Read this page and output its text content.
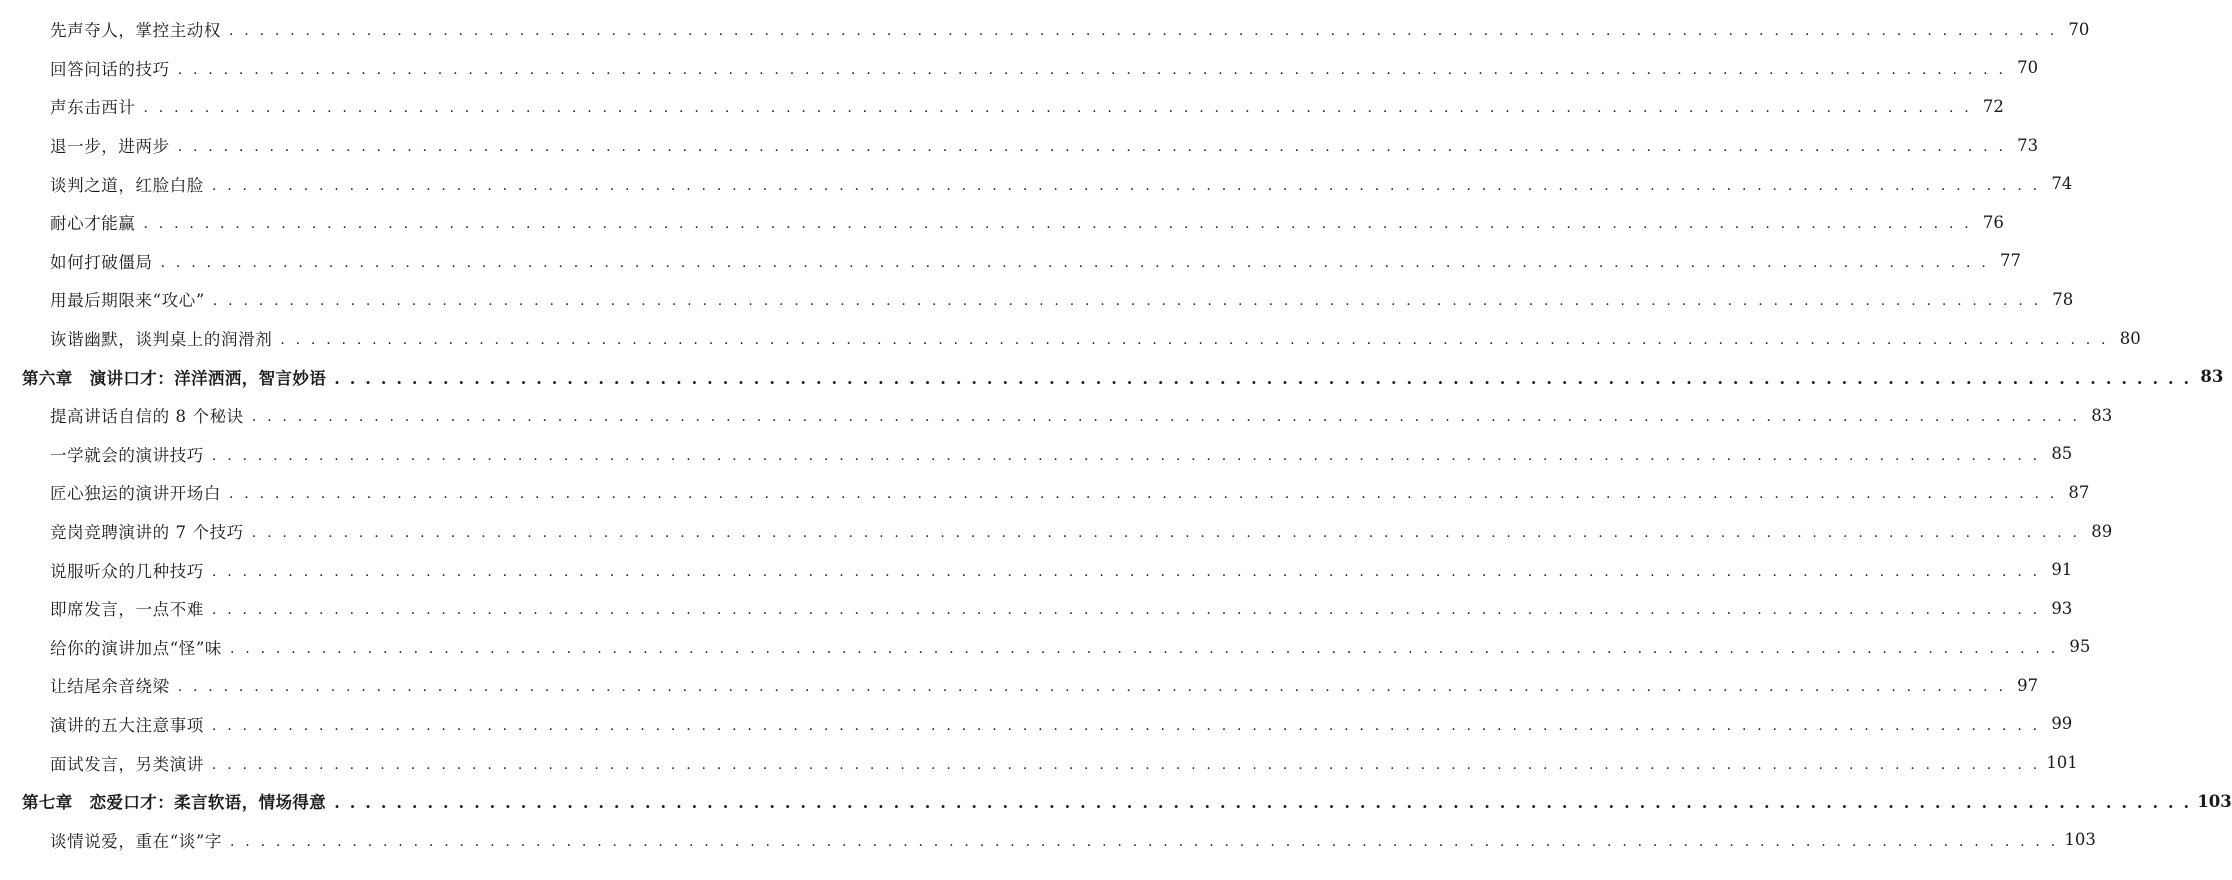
先声夺人，掌控主动权 . . . . . . . . . . . . . . . . . . . . . . . . . . . . . . . . . . . . . . . . . . . . . . . . . . . . . . . . . . . . . . . . . . . . . . . . . . . . . . . . . . . . . . . . . . . . . . . . . . . . . . . . . . . . . . . . . . . . . . . . 70
回答问话的技巧 . . . . . . . . . . . . . . . . . . . . . . . . . . . . . . . . . . . . . . . . . . . . . . . . . . . . . . . . . . . . . . . . . . . . . . . . . . . . . . . . . . . . . . . . . . . . . . . . . . . . . . . . . . . . . . . . . . . . . . . . 70
声东击西计 . . . . . . . . . . . . . . . . . . . . . . . . . . . . . . . . . . . . . . . . . . . . . . . . . . . . . . . . . . . . . . . . . . . . . . . . . . . . . . . . . . . . . . . . . . . . . . . . . . . . . . . . . . . . . . . . . . . . . . . . 72
退一步，进两步 . . . . . . . . . . . . . . . . . . . . . . . . . . . . . . . . . . . . . . . . . . . . . . . . . . . . . . . . . . . . . . . . . . . . . . . . . . . . . . . . . . . . . . . . . . . . . . . . . . . . . . . . . . . . . . . . . . . . . . . . 73
谈判之道，红脸白脸 . . . . . . . . . . . . . . . . . . . . . . . . . . . . . . . . . . . . . . . . . . . . . . . . . . . . . . . . . . . . . . . . . . . . . . . . . . . . . . . . . . . . . . . . . . . . . . . . . . . . . . . . . . . . . . . . . . . . . . . . 74
耐心才能赢 . . . . . . . . . . . . . . . . . . . . . . . . . . . . . . . . . . . . . . . . . . . . . . . . . . . . . . . . . . . . . . . . . . . . . . . . . . . . . . . . . . . . . . . . . . . . . . . . . . . . . . . . . . . . . . . . . . . . . . . . 76
如何打破僵局 . . . . . . . . . . . . . . . . . . . . . . . . . . . . . . . . . . . . . . . . . . . . . . . . . . . . . . . . . . . . . . . . . . . . . . . . . . . . . . . . . . . . . . . . . . . . . . . . . . . . . . . . . . . . . . . . . . . . . . . . 77
用最后期限来“攻心” . . . . . . . . . . . . . . . . . . . . . . . . . . . . . . . . . . . . . . . . . . . . . . . . . . . . . . . . . . . . . . . . . . . . . . . . . . . . . . . . . . . . . . . . . . . . . . . . . . . . . . . . . . . . . . . . . . . . . . . . 78
诙谐幽默，谈判桌上的润滑剂 . . . . . . . . . . . . . . . . . . . . . . . . . . . . . . . . . . . . . . . . . . . . . . . . . . . . . . . . . . . . . . . . . . . . . . . . . . . . . . . . . . . . . . . . . . . . . . . . . . . . . . . . . . . . . . . . . . . . . . . . 80
第六章　演讲口才：洋洋洒洒，智言妙语 . . . . . . . . . . . . . . . . . . . . . . . . . . . . . . . . . . . . . . . . . . . . . . . . . . . . . . . . . . . . . . . . . . . . . . . . . . . . . . . . . . . . . . . . . . . . . . . . . . . . . . . . . . . . . . . . . . . . . . . . 83
提高讲话自信的 8 个秘诀 . . . . . . . . . . . . . . . . . . . . . . . . . . . . . . . . . . . . . . . . . . . . . . . . . . . . . . . . . . . . . . . . . . . . . . . . . . . . . . . . . . . . . . . . . . . . . . . . . . . . . . . . . . . . . . . . . . . . . . . . 83
一学就会的演讲技巧 . . . . . . . . . . . . . . . . . . . . . . . . . . . . . . . . . . . . . . . . . . . . . . . . . . . . . . . . . . . . . . . . . . . . . . . . . . . . . . . . . . . . . . . . . . . . . . . . . . . . . . . . . . . . . . . . . . . . . . . . 85
匠心独运的演讲开场白 . . . . . . . . . . . . . . . . . . . . . . . . . . . . . . . . . . . . . . . . . . . . . . . . . . . . . . . . . . . . . . . . . . . . . . . . . . . . . . . . . . . . . . . . . . . . . . . . . . . . . . . . . . . . . . . . . . . . . . . . 87
竞岗竞聘演讲的 7 个技巧 . . . . . . . . . . . . . . . . . . . . . . . . . . . . . . . . . . . . . . . . . . . . . . . . . . . . . . . . . . . . . . . . . . . . . . . . . . . . . . . . . . . . . . . . . . . . . . . . . . . . . . . . . . . . . . . . . . . . . . . . 89
说服听众的几种技巧 . . . . . . . . . . . . . . . . . . . . . . . . . . . . . . . . . . . . . . . . . . . . . . . . . . . . . . . . . . . . . . . . . . . . . . . . . . . . . . . . . . . . . . . . . . . . . . . . . . . . . . . . . . . . . . . . . . . . . . . . 91
即席发言，一点不难 . . . . . . . . . . . . . . . . . . . . . . . . . . . . . . . . . . . . . . . . . . . . . . . . . . . . . . . . . . . . . . . . . . . . . . . . . . . . . . . . . . . . . . . . . . . . . . . . . . . . . . . . . . . . . . . . . . . . . . . . 93
给你的演讲加点“怪”味 . . . . . . . . . . . . . . . . . . . . . . . . . . . . . . . . . . . . . . . . . . . . . . . . . . . . . . . . . . . . . . . . . . . . . . . . . . . . . . . . . . . . . . . . . . . . . . . . . . . . . . . . . . . . . . . . . . . . . . . . 95
让结尾余音绕梁 . . . . . . . . . . . . . . . . . . . . . . . . . . . . . . . . . . . . . . . . . . . . . . . . . . . . . . . . . . . . . . . . . . . . . . . . . . . . . . . . . . . . . . . . . . . . . . . . . . . . . . . . . . . . . . . . . . . . . . . . 97
演讲的五大注意事项 . . . . . . . . . . . . . . . . . . . . . . . . . . . . . . . . . . . . . . . . . . . . . . . . . . . . . . . . . . . . . . . . . . . . . . . . . . . . . . . . . . . . . . . . . . . . . . . . . . . . . . . . . . . . . . . . . . . . . . . . 99
面试发言，另类演讲 . . . . . . . . . . . . . . . . . . . . . . . . . . . . . . . . . . . . . . . . . . . . . . . . . . . . . . . . . . . . . . . . . . . . . . . . . . . . . . . . . . . . . . . . . . . . . . . . . . . . . . . . . . . . . . . . . . . . . . . . 101
第七章　恋爱口才：柔言软语，情场得意 . . . . . . . . . . . . . . . . . . . . . . . . . . . . . . . . . . . . . . . . . . . . . . . . . . . . . . . . . . . . . . . . . . . . . . . . . . . . . . . . . . . . . . . . . . . . . . . . . . . . . . . . . . . . . . . . . . . . . . . . 103
谈情说爱，重在“谈”字 . . . . . . . . . . . . . . . . . . . . . . . . . . . . . . . . . . . . . . . . . . . . . . . . . . . . . . . . . . . . . . . . . . . . . . . . . . . . . . . . . . . . . . . . . . . . . . . . . . . . . . . . . . . . . . . . . . . . . . . . 103
